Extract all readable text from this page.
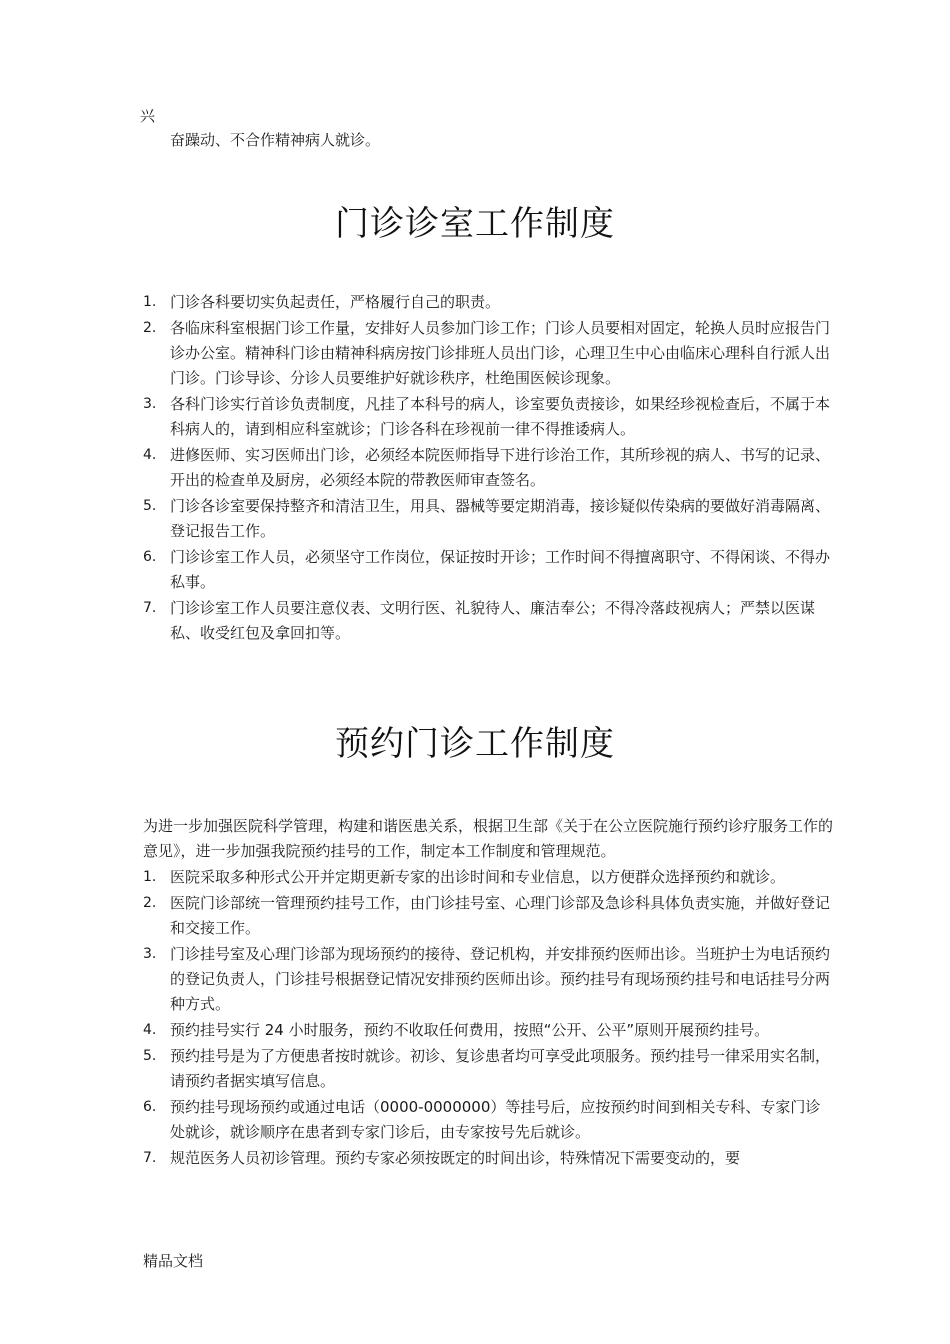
兴
奋躁动、不合作精神病人就诊。
门诊诊室工作制度
1. 门诊各科要切实负起责任，严格履行自己的职责。
2. 各临床科室根据门诊工作量，安排好人员参加门诊工作；门诊人员要相对固定，轮换人员时应报告门诊办公室。精神科门诊由精神科病房按门诊排班人员出门诊，心理卫生中心由临床心理科自行派人出门诊。门诊导诊、分诊人员要维护好就诊秩序，杜绝围医候诊现象。
3. 各科门诊实行首诊负责制度，凡挂了本科号的病人，诊室要负责接诊，如果经珍视检查后，不属于本科病人的，请到相应科室就诊；门诊各科在珍视前一律不得推诿病人。
4. 进修医师、实习医师出门诊，必须经本院医师指导下进行诊治工作，其所珍视的病人、书写的记录、开出的检查单及厨房，必须经本院的带教医师审查签名。
5. 门诊各诊室要保持整齐和清洁卫生，用具、器械等要定期消毒，接诊疑似传染病的要做好消毒隔离、登记报告工作。
6. 门诊诊室工作人员，必须坚守工作岗位，保证按时开诊；工作时间不得擅离职守、不得闲谈、不得办私事。
7. 门诊诊室工作人员要注意仪表、文明行医、礼貌待人、廉洁奉公；不得冷落歧视病人；严禁以医谋私、收受红包及拿回扣等。
预约门诊工作制度
为进一步加强医院科学管理，构建和谐医患关系，根据卫生部《关于在公立医院施行预约诊疗服务工作的意见》，进一步加强我院预约挂号的工作，制定本工作制度和管理规范。
1. 医院采取多种形式公开并定期更新专家的出诊时间和专业信息，以方便群众选择预约和就诊。
2. 医院门诊部统一管理预约挂号工作，由门诊挂号室、心理门诊部及急诊科具体负责实施，并做好登记和交接工作。
3. 门诊挂号室及心理门诊部为现场预约的接待、登记机构，并安排预约医师出诊。当班护士为电话预约的登记负责人，门诊挂号根据登记情况安排预约医师出诊。预约挂号有现场预约挂号和电话挂号分两种方式。
4. 预约挂号实行 24 小时服务，预约不收取任何费用，按照“公开、公平”原则开展预约挂号。
5. 预约挂号是为了方便患者按时就诊。初诊、复诊患者均可享受此项服务。预约挂号一律采用实名制，请预约者据实填写信息。
6. 预约挂号现场预约或通过电话（0000-0000000）等挂号后，应按预约时间到相关专科、专家门诊处就诊，就诊顺序在患者到专家门诊后，由专家按号先后就诊。
7. 规范医务人员初诊管理。预约专家必须按既定的时间出诊，特殊情况下需要变动的，要
精品文档
